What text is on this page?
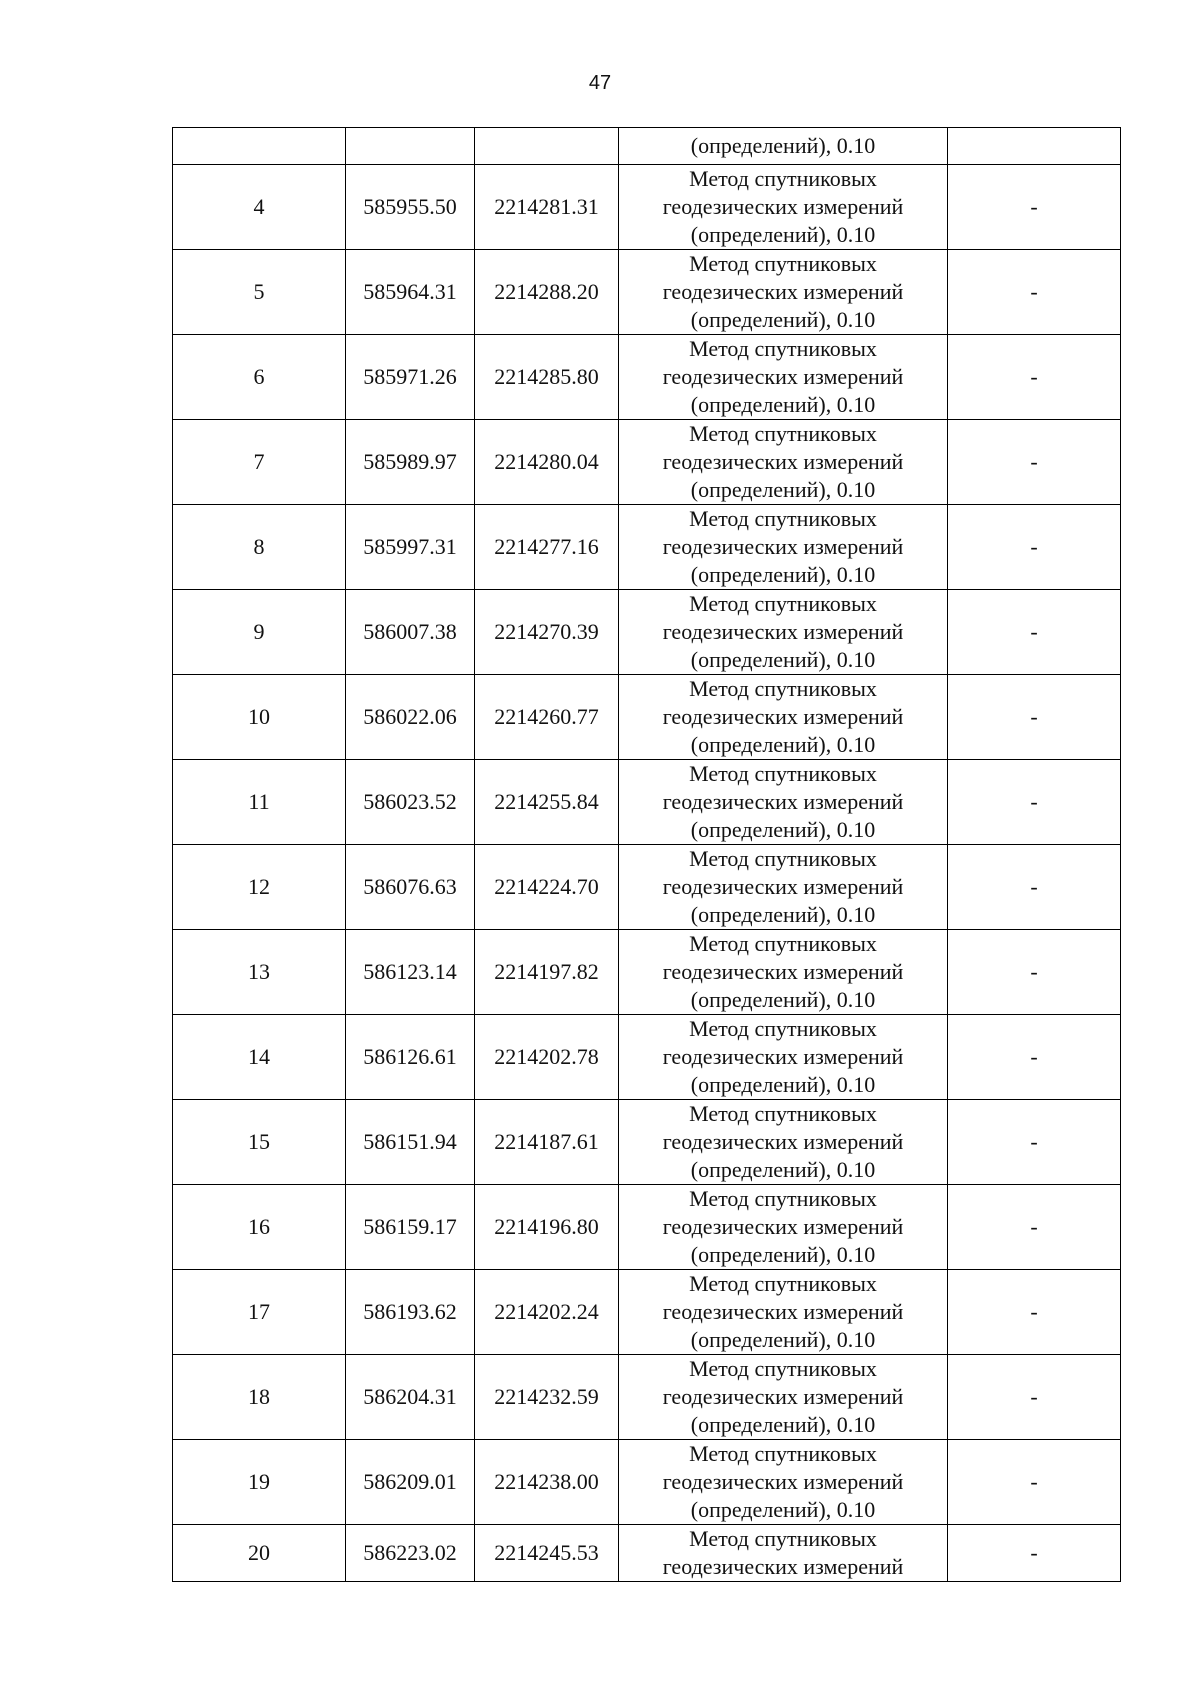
47

			(определений), 0.10	

4	585955.50	2214281.31	Метод спутниковых
геодезических измерений
(определений), 0.10	-
5	585964.31	2214288.20	Метод спутниковых
геодезических измерений
(определений), 0.10	-
6	585971.26	2214285.80	Метод спутниковых
геодезических измерений
(определений), 0.10	-
7	585989.97	2214280.04	Метод спутниковых
геодезических измерений
(определений), 0.10	-
8	585997.31	2214277.16	Метод спутниковых
геодезических измерений
(определений), 0.10	-
9	586007.38	2214270.39	Метод спутниковых
геодезических измерений
(определений), 0.10	-
10	586022.06	2214260.77	Метод спутниковых
геодезических измерений
(определений), 0.10	-
11	586023.52	2214255.84	Метод спутниковых
геодезических измерений
(определений), 0.10	-
12	586076.63	2214224.70	Метод спутниковых
геодезических измерений
(определений), 0.10	-
13	586123.14	2214197.82	Метод спутниковых
геодезических измерений
(определений), 0.10	-
14	586126.61	2214202.78	Метод спутниковых
геодезических измерений
(определений), 0.10	-
15	586151.94	2214187.61	Метод спутниковых
геодезических измерений
(определений), 0.10	-
16	586159.17	2214196.80	Метод спутниковых
геодезических измерений
(определений), 0.10	-
17	586193.62	2214202.24	Метод спутниковых
геодезических измерений
(определений), 0.10	-
18	586204.31	2214232.59	Метод спутниковых
геодезических измерений
(определений), 0.10	-
19	586209.01	2214238.00	Метод спутниковых
геодезических измерений
(определений), 0.10	-
20	586223.02	2214245.53	Метод спутниковых
геодезических измерений	-
